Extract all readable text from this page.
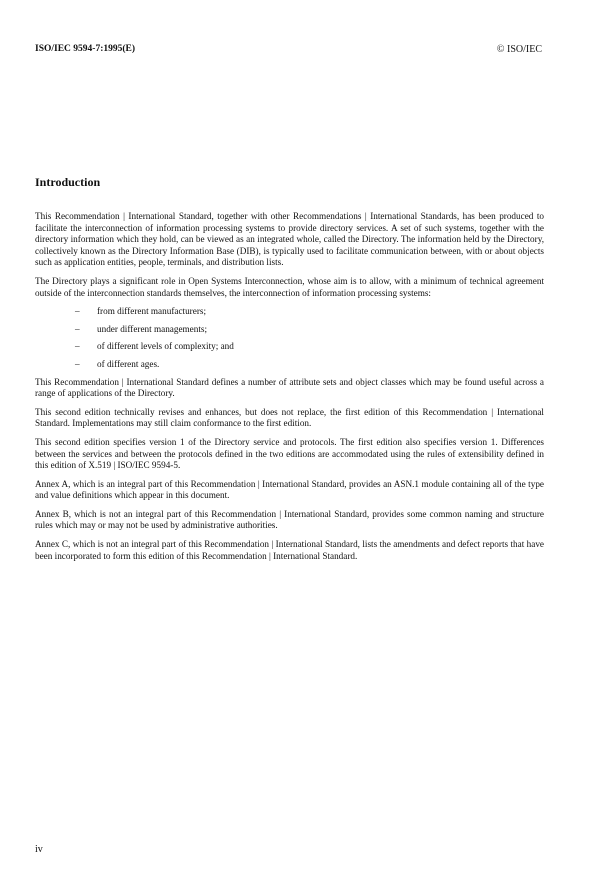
ISO/IEC 9594-7:1995(E)	© ISO/IEC
Introduction

This Recommendation | International Standard, together with other Recommendations | International Standards, has been produced to facilitate the interconnection of information processing systems to provide directory services. A set of such systems, together with the directory information which they hold, can be viewed as an integrated whole, called the Directory. The information held by the Directory, collectively known as the Directory Information Base (DIB), is typically used to facilitate communication between, with or about objects such as application entities, people, terminals, and distribution lists.

The Directory plays a significant role in Open Systems Interconnection, whose aim is to allow, with a minimum of technical agreement outside of the interconnection standards themselves, the interconnection of information processing systems:

–	from different manufacturers;
–	under different managements;
–	of different levels of complexity; and
–	of different ages.

This Recommendation | International Standard defines a number of attribute sets and object classes which may be found useful across a range of applications of the Directory.

This second edition technically revises and enhances, but does not replace, the first edition of this Recommendation | International Standard. Implementations may still claim conformance to the first edition.

This second edition specifies version 1 of the Directory service and protocols. The first edition also specifies version 1. Differences between the services and between the protocols defined in the two editions are accommodated using the rules of extensibility defined in this edition of X.519 | ISO/IEC 9594-5.

Annex A, which is an integral part of this Recommendation | International Standard, provides an ASN.1 module containing all of the type and value definitions which appear in this document.

Annex B, which is not an integral part of this Recommendation | International Standard, provides some common naming and structure rules which may or may not be used by administrative authorities.

Annex C, which is not an integral part of this Recommendation | International Standard, lists the amendments and defect reports that have been incorporated to form this edition of this Recommendation | International Standard.

iv
